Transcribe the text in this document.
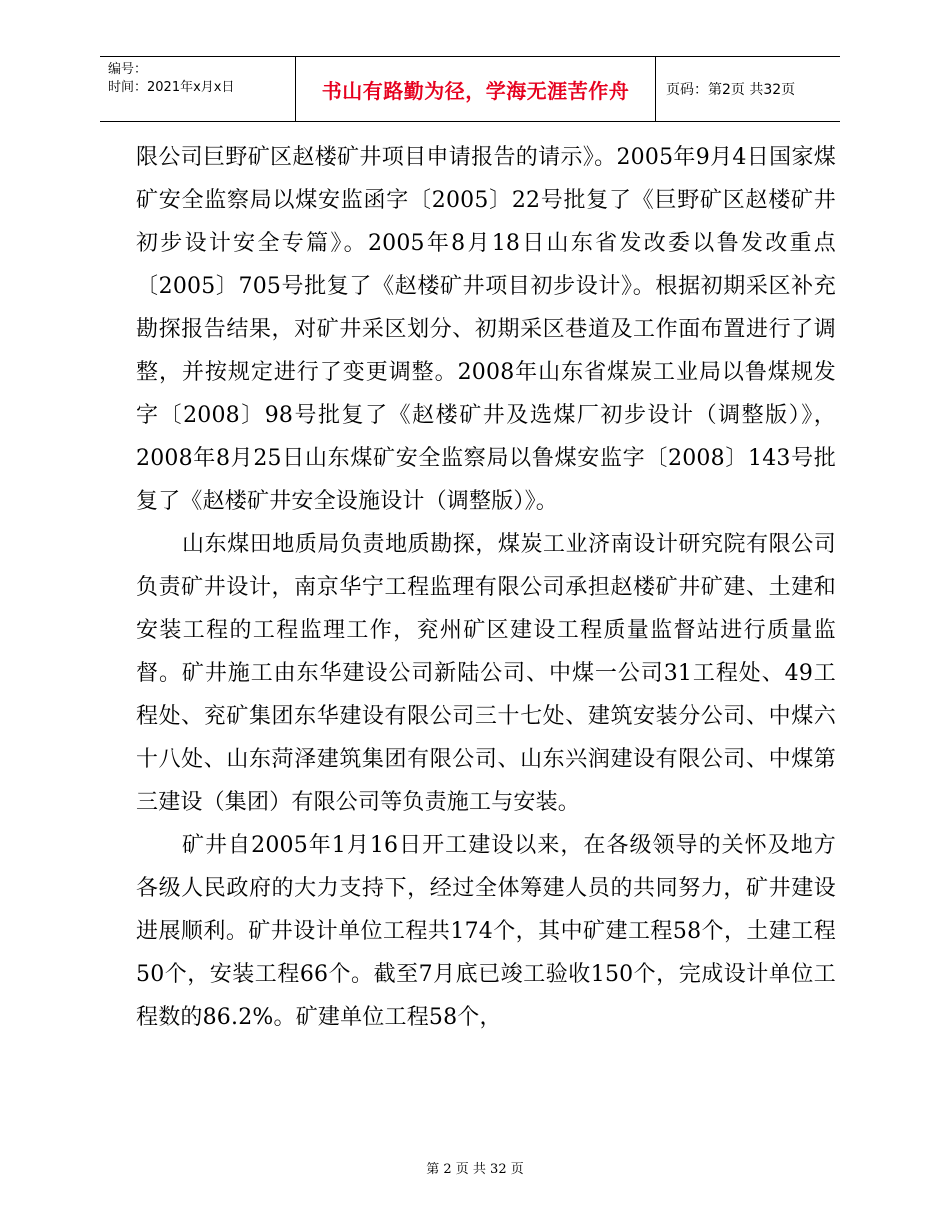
编号：
时间：2021年x月x日	书山有路勤为径，学海无涯苦作舟	页码：第2页 共32页

限公司巨野矿区赵楼矿井项目申请报告的请示》。2005年9月4日国家煤矿安全监察局以煤安监函字〔2005〕22号批复了《巨野矿区赵楼矿井初步设计安全专篇》。2005年8月18日山东省发改委以鲁发改重点〔2005〕705号批复了《赵楼矿井项目初步设计》。根据初期采区补充勘探报告结果，对矿井采区划分、初期采区巷道及工作面布置进行了调整，并按规定进行了变更调整。2008年山东省煤炭工业局以鲁煤规发字〔2008〕98号批复了《赵楼矿井及选煤厂初步设计（调整版）》，2008年8月25日山东煤矿安全监察局以鲁煤安监字〔2008〕143号批复了《赵楼矿井安全设施设计（调整版）》。

山东煤田地质局负责地质勘探，煤炭工业济南设计研究院有限公司负责矿井设计，南京华宁工程监理有限公司承担赵楼矿井矿建、土建和安装工程的工程监理工作，兖州矿区建设工程质量监督站进行质量监督。矿井施工由东华建设公司新陆公司、中煤一公司31工程处、49工程处、兖矿集团东华建设有限公司三十七处、建筑安装分公司、中煤六十八处、山东菏泽建筑集团有限公司、山东兴润建设有限公司、中煤第三建设（集团）有限公司等负责施工与安装。

矿井自2005年1月16日开工建设以来，在各级领导的关怀及地方各级人民政府的大力支持下，经过全体筹建人员的共同努力，矿井建设进展顺利。矿井设计单位工程共174个，其中矿建工程58个，土建工程50个，安装工程66个。截至7月底已竣工验收150个，完成设计单位工程数的86.2%。矿建单位工程58个，

第 2 页 共 32 页
